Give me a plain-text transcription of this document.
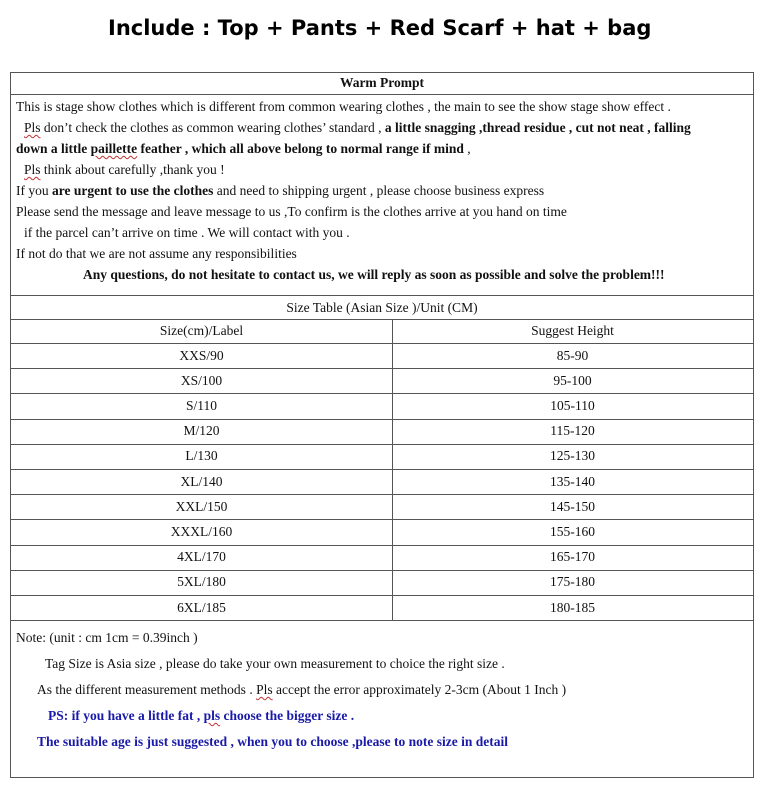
Include : Top + Pants + Red Scarf + hat + bag
Warm Prompt
This is stage show clothes which is different from common wearing clothes , the main to see the show stage show effect .
Pls don’t check the clothes as common wearing clothes’ standard , a little snagging ,thread residue , cut not neat , falling
down a little paillette feather , which all above belong to normal range if mind ,
Pls think about carefully ,thank you !
If you are urgent to use the clothes and need to shipping urgent , please choose business express
Please send the message and leave message to us ,To confirm is the clothes arrive at you hand on time
if the parcel can’t arrive on time . We will contact with you .
If not do that we are not assume any responsibilities
Any questions, do not hesitate to contact us, we will reply as soon as possible and solve the problem!!!
Size Table (Asian Size )/Unit (CM)
Note: (unit : cm 1cm = 0.39inch )
Tag Size is Asia size , please do take your own measurement to choice the right size .
As the different measurement methods . Pls accept the error approximately 2-3cm (About 1 Inch )
PS: if you have a little fat , pls choose the bigger size .
The suitable age is just suggested , when you to choose ,please to note size in detail
Size(cm)/Label	Suggest Height
XXS/90	85-90
XS/100	95-100
S/110	105-110
M/120	115-120
L/130	125-130
XL/140	135-140
XXL/150	145-150
XXXL/160	155-160
4XL/170	165-170
5XL/180	175-180
6XL/185	180-185
